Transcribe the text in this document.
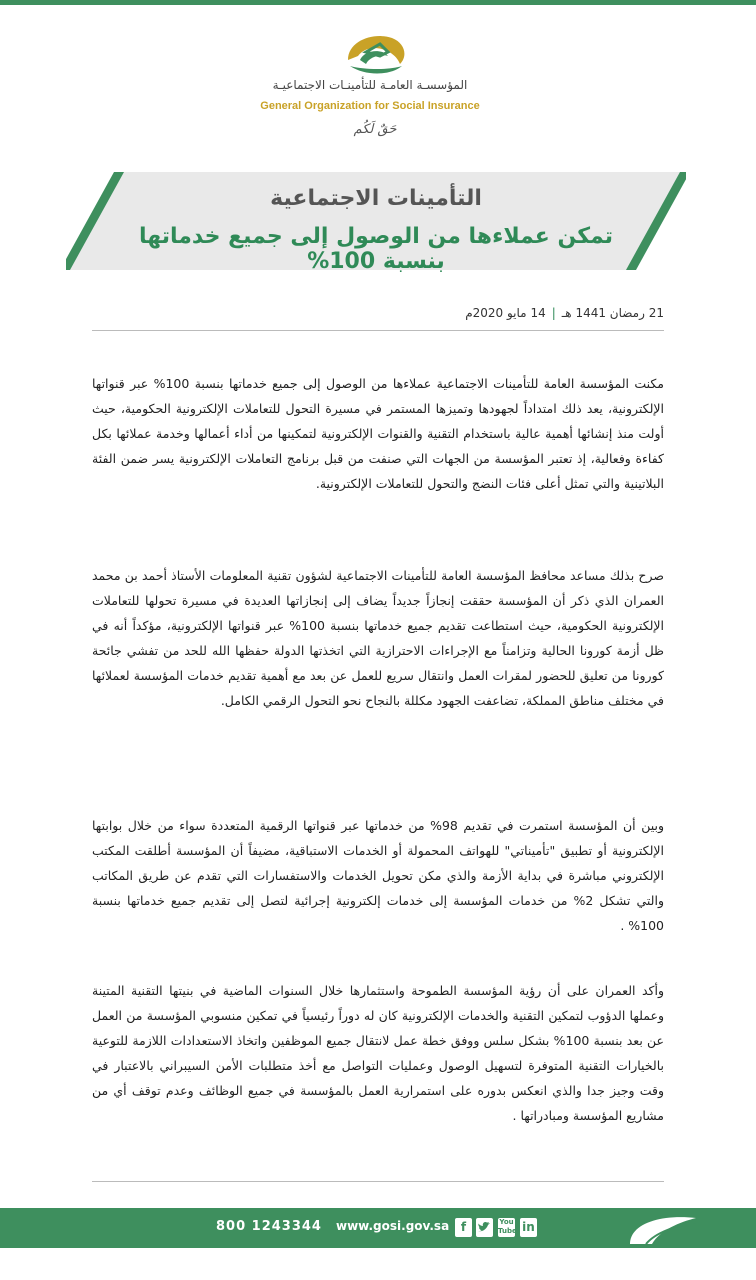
المؤسسـة العامـة للتأمينـات الاجتماعيـة
General Organization for Social Insurance
حَقٌ لَكُم
التأمينات الاجتماعية
تمكن عملاءها من الوصول إلى جميع خدماتها بنسبة 100%
21 رمضان 1441 هـ|14 مايو 2020م

مكنت المؤسسة العامة للتأمينات الاجتماعية عملاءها من الوصول إلى جميع خدماتها بنسبة 100% عبر قنواتها الإلكترونية، يعد ذلك امتداداً لجهودها وتميزها المستمر في مسيرة التحول للتعاملات الإلكترونية الحكومية، حيث أولت منذ إنشائها أهمية عالية باستخدام التقنية والقنوات الإلكترونية لتمكينها من أداء أعمالها وخدمة عملائها بكل كفاءة وفعالية، إذ تعتبر المؤسسة من الجهات التي صنفت من قبل برنامج التعاملات الإلكترونية يسر ضمن الفئة البلاتينية والتي تمثل أعلى فئات النضج والتحول للتعاملات الإلكترونية.

صرح بذلك مساعد محافظ المؤسسة العامة للتأمينات الاجتماعية لشؤون تقنية المعلومات الأستاذ أحمد بن محمد العمران الذي ذكر أن المؤسسة حققت إنجازاً جديداً يضاف إلى إنجازاتها العديدة في مسيرة تحولها للتعاملات الإلكترونية الحكومية، حيث استطاعت تقديم جميع خدماتها بنسبة 100% عبر قنواتها الإلكترونية، مؤكداً أنه في ظل أزمة كورونا الحالية وتزامناً مع الإجراءات الاحترازية التي اتخذتها الدولة حفظها الله للحد من تفشي جائحة كورونا من تعليق للحضور لمقرات العمل وانتقال سريع للعمل عن بعد مع أهمية تقديم خدمات المؤسسة لعملائها في مختلف مناطق المملكة، تضاعفت الجهود مكللة بالنجاح نحو التحول الرقمي الكامل.

وبين أن المؤسسة استمرت في تقديم 98% من خدماتها عبر قنواتها الرقمية المتعددة سواء من خلال بوابتها الإلكترونية أو تطبيق "تأميناتي" للهواتف المحمولة أو الخدمات الاستباقية، مضيفاً أن المؤسسة أطلقت المكتب الإلكتروني مباشرة في بداية الأزمة والذي مكن تحويل الخدمات والاستفسارات التي تقدم عن طريق المكاتب والتي تشكل 2% من خدمات المؤسسة إلى خدمات إلكترونية إجرائية لتصل إلى تقديم جميع خدماتها بنسبة 100% .

وأكد العمران على أن رؤية المؤسسة الطموحة واستثمارها خلال السنوات الماضية في بنيتها التقنية المتينة وعملها الدؤوب لتمكين التقنية والخدمات الإلكترونية كان له دوراً رئيسياً في تمكين منسوبي المؤسسة من العمل عن بعد بنسبة 100% بشكل سلس ووفق خطة عمل لانتقال جميع الموظفين واتخاذ الاستعدادات اللازمة للتوعية بالخيارات التقنية المتوفرة لتسهيل الوصول وعمليات التواصل مع أخذ متطلبات الأمن السيبراني بالاعتبار في وقت وجيز جدا والذي انعكس بدوره على استمرارية العمل بالمؤسسة في جميع الوظائف وعدم توقف أي من مشاريع المؤسسة ومبادراتها .

800 1243344 www.gosi.gov.sa f	You Tube in
